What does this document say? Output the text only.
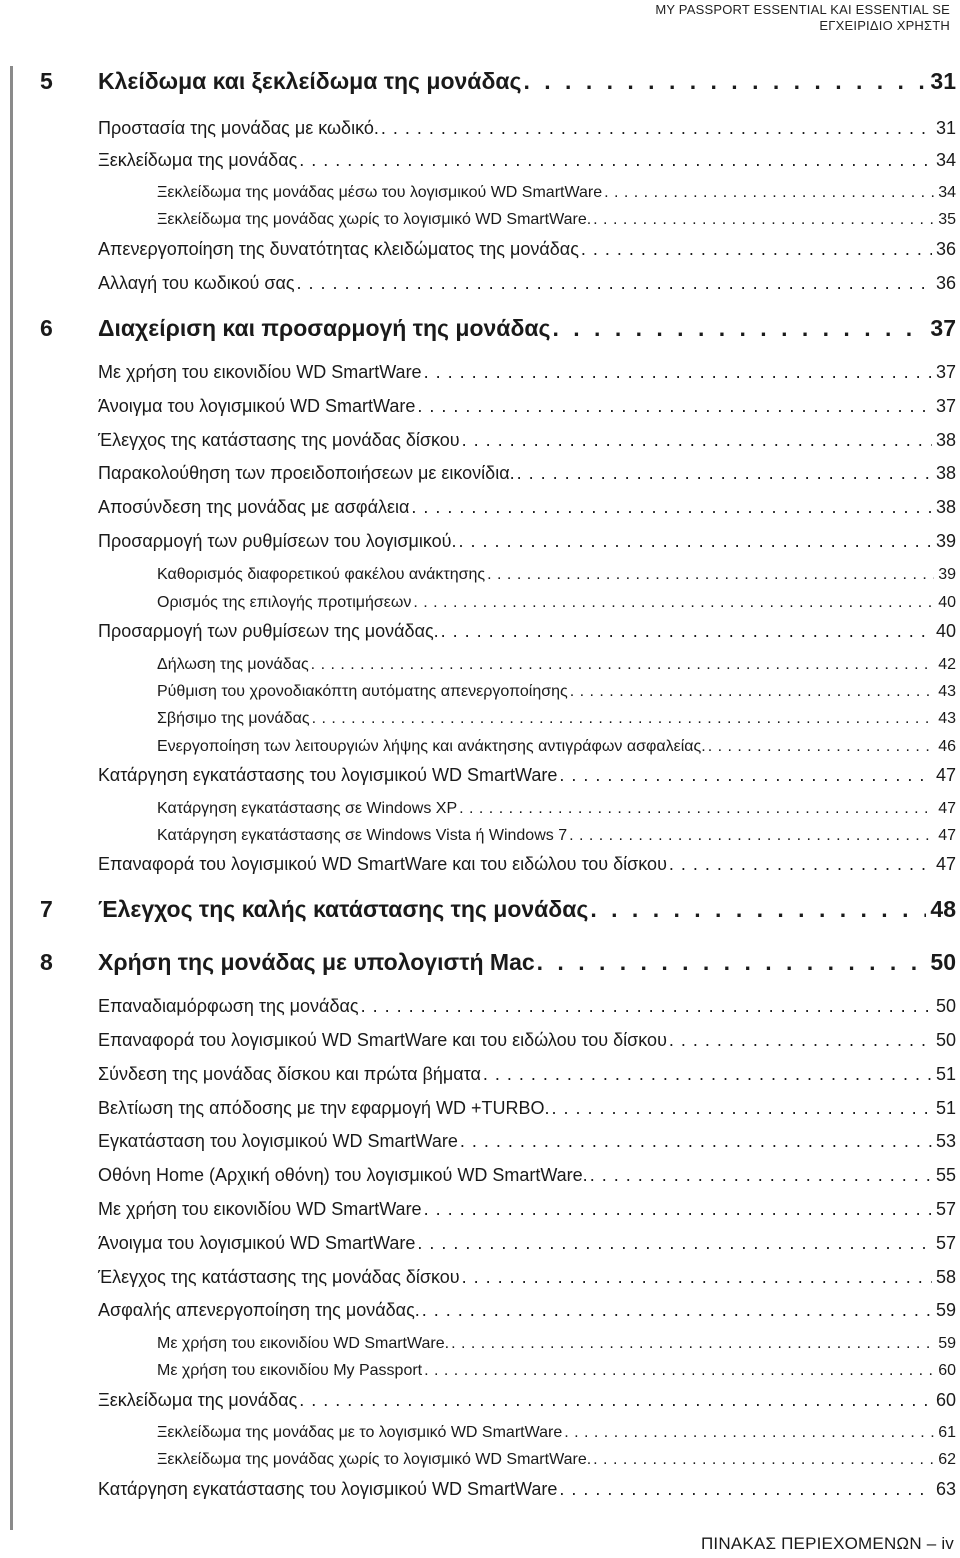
MY PASSPORT ESSENTIAL KAI ESSENTIAL SE
ΕΓΧΕΙΡΙΔΙΟ ΧΡΗΣΤΗ
5 Κλείδωμα και ξεκλείδωμα της μονάδας . . .	31
Προστασία της μονάδας με κωδικό. . . .	31
Ξεκλείδωμα της μονάδας . . .	34
Ξεκλείδωμα της μονάδας μέσω του λογισμικού WD SmartWare . . .	34
Ξεκλείδωμα της μονάδας χωρίς το λογισμικό WD SmartWare. . . .	35
Απενεργοποίηση της δυνατότητας κλειδώματος της μονάδας . . .	36
Αλλαγή του κωδικού σας . . .	36
6 Διαχείριση και προσαρμογή της μονάδας . . .	37
Με χρήση του εικονιδίου WD SmartWare . . .	37
Άνοιγμα του λογισμικού WD SmartWare . . .	37
Έλεγχος της κατάστασης της μονάδας δίσκου . . .	38
Παρακολούθηση των προειδοποιήσεων με εικονίδια. . . .	38
Αποσύνδεση της μονάδας με ασφάλεια . . .	38
Προσαρμογή των ρυθμίσεων του λογισμικού. . . .	39
Καθορισμός διαφορετικού φακέλου ανάκτησης . . .	39
Ορισμός της επιλογής προτιμήσεων . . .	40
Προσαρμογή των ρυθμίσεων της μονάδας. . . .	40
Δήλωση της μονάδας . . .	42
Ρύθμιση του χρονοδιακόπτη αυτόματης απενεργοποίησης . . .	43
Σβήσιμο της μονάδας . . .	43
Ενεργοποίηση των λειτουργιών λήψης και ανάκτησης αντιγράφων ασφαλείας. . . .	46
Κατάργηση εγκατάστασης του λογισμικού WD SmartWare . . .	47
Κατάργηση εγκατάστασης σε Windows XP . . .	47
Κατάργηση εγκατάστασης σε Windows Vista ή Windows 7 . . .	47
Επαναφορά του λογισμικού WD SmartWare και του ειδώλου του δίσκου . . .	47
7 Έλεγχος της καλής κατάστασης της μονάδας . . .	48
8 Χρήση της μονάδας με υπολογιστή Mac . . .	50
Επαναδιαμόρφωση της μονάδας . . .	50
Επαναφορά του λογισμικού WD SmartWare και του ειδώλου του δίσκου . . .	50
Σύνδεση της μονάδας δίσκου και πρώτα βήματα . . .	51
Βελτίωση της απόδοσης με την εφαρμογή WD +TURBO. . . .	51
Εγκατάσταση του λογισμικού WD SmartWare . . .	53
Οθόνη Home (Αρχική οθόνη) του λογισμικού WD SmartWare. . . .	55
Με χρήση του εικονιδίου WD SmartWare . . .	57
Άνοιγμα του λογισμικού WD SmartWare . . .	57
Έλεγχος της κατάστασης της μονάδας δίσκου . . .	58
Ασφαλής απενεργοποίηση της μονάδας. . . .	59
Με χρήση του εικονιδίου WD SmartWare. . . .	59
Με χρήση του εικονιδίου My Passport . . .	60
Ξεκλείδωμα της μονάδας . . .	60
Ξεκλείδωμα της μονάδας με το λογισμικό WD SmartWare . . .	61
Ξεκλείδωμα της μονάδας χωρίς το λογισμικό WD SmartWare. . . .	62
Κατάργηση εγκατάστασης του λογισμικού WD SmartWare . . .	63
ΠΙΝΑΚΑΣ ΠΕΡΙΕΧΟΜΕΝΩΝ – iv
